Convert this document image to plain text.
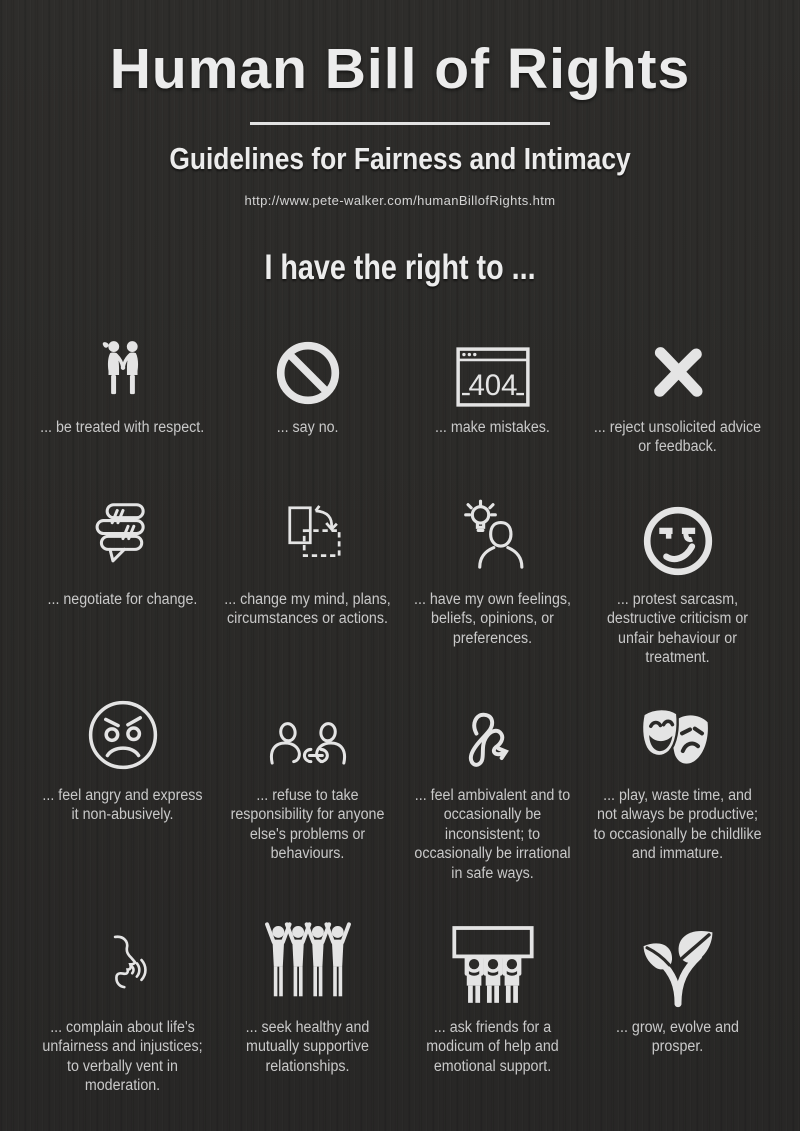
Human Bill of Rights
Guidelines for Fairness and Intimacy
http://www.pete-walker.com/humanBillofRights.htm
I have the right to ...
... be treated with respect.	... say no.
404
... make mistakes.	... reject unsolicited advice or feedback.
... negotiate for change. ... change my mind, plans, circumstances or actions.
... have my own feelings, beliefs, opinions, or preferences.
... protest sarcasm, destructive criticism or unfair behaviour or treatment.
... feel angry and express it non-abusively.
... refuse to take responsibility for anyone else's problems or behaviours.
... feel ambivalent and to occasionally be inconsistent; to occasionally be irrational in safe ways.
... play, waste time, and not always be productive; to occasionally be childlike and immature.
... complain about life's unfairness and injustices; to verbally vent in moderation.
... seek healthy and mutually supportive relationships.
... ask friends for a modicum of help and emotional support.
... grow, evolve and prosper.
